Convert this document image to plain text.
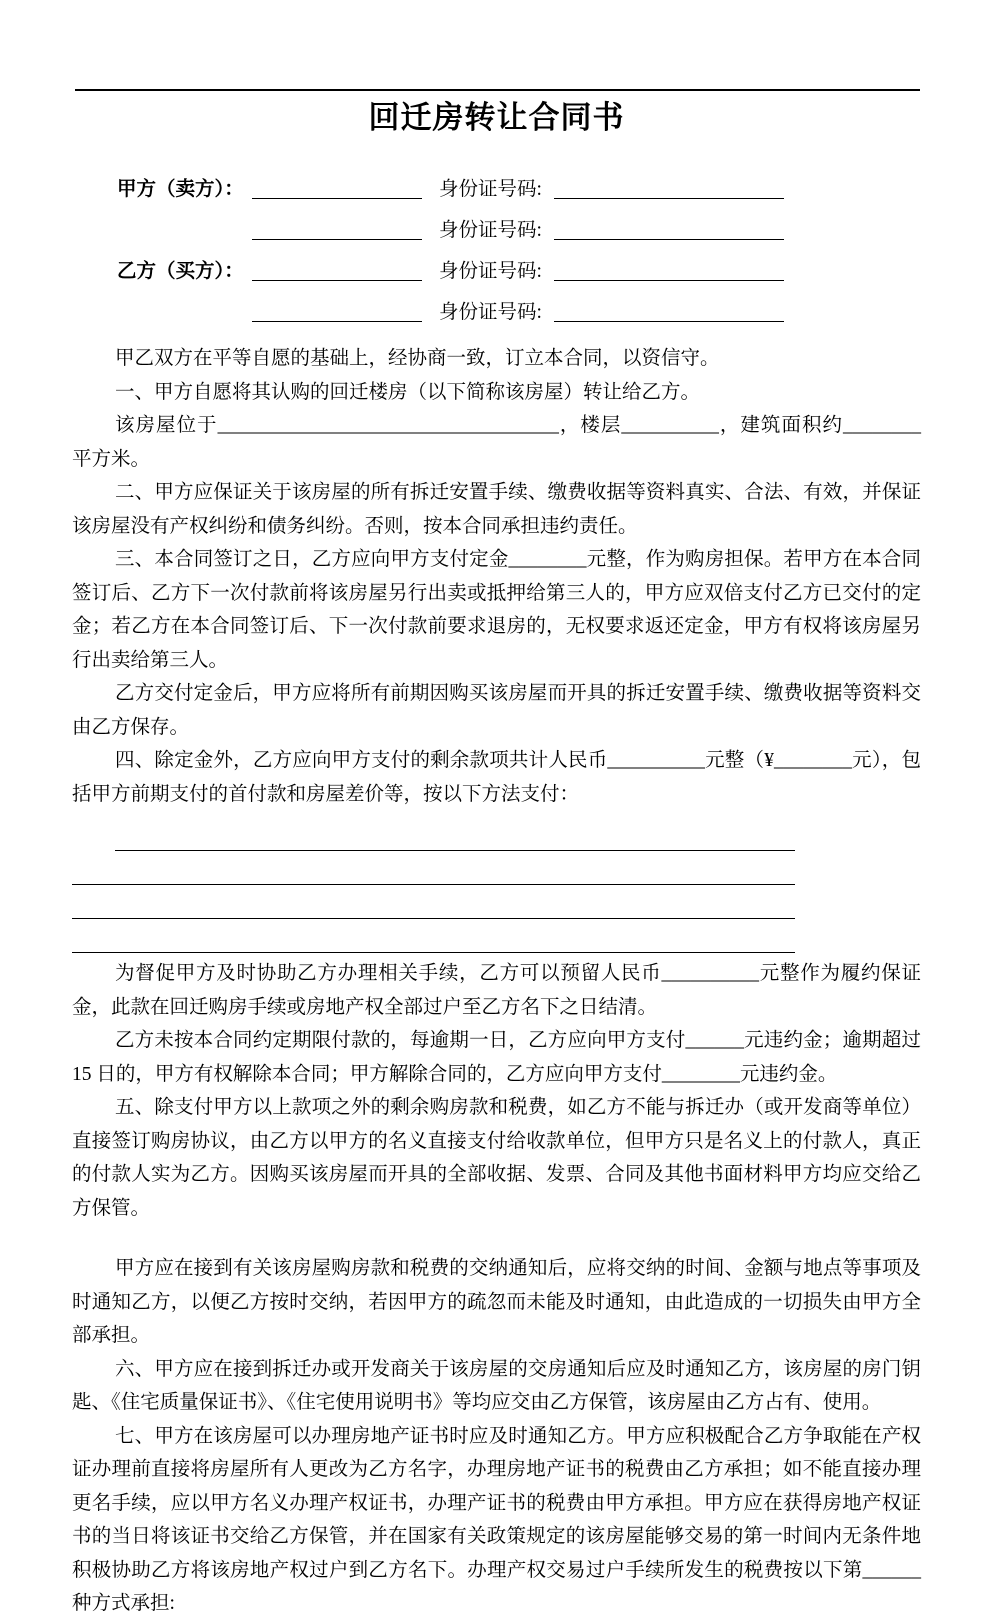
回迁房转让合同书
甲方（卖方）：	身份证号码:
身份证号码:
乙方（买方）：	身份证号码:
身份证号码:

甲乙双方在平等自愿的基础上，经协商一致，订立本合同，以资信守。

一、甲方自愿将其认购的回迁楼房（以下简称该房屋）转让给乙方。

该房屋位于___________________________________，楼层__________，建筑面积约________平方米。

二、甲方应保证关于该房屋的所有拆迁安置手续、缴费收据等资料真实、合法、有效，并保证该房屋没有产权纠纷和债务纠纷。否则，按本合同承担违约责任。

三、本合同签订之日，乙方应向甲方支付定金________元整，作为购房担保。若甲方在本合同签订后、乙方下一次付款前将该房屋另行出卖或抵押给第三人的，甲方应双倍支付乙方已交付的定金；若乙方在本合同签订后、下一次付款前要求退房的，无权要求返还定金，甲方有权将该房屋另行出卖给第三人。

乙方交付定金后，甲方应将所有前期因购买该房屋而开具的拆迁安置手续、缴费收据等资料交由乙方保存。

四、除定金外，乙方应向甲方支付的剩余款项共计人民币__________元整（¥________元），包括甲方前期支付的首付款和房屋差价等，按以下方法支付：

为督促甲方及时协助乙方办理相关手续，乙方可以预留人民币__________元整作为履约保证金，此款在回迁购房手续或房地产权全部过户至乙方名下之日结清。

乙方未按本合同约定期限付款的，每逾期一日，乙方应向甲方支付______元违约金；逾期超过 15 日的，甲方有权解除本合同；甲方解除合同的，乙方应向甲方支付________元违约金。

五、除支付甲方以上款项之外的剩余购房款和税费，如乙方不能与拆迁办（或开发商等单位）直接签订购房协议，由乙方以甲方的名义直接支付给收款单位，但甲方只是名义上的付款人，真正的付款人实为乙方。因购买该房屋而开具的全部收据、发票、合同及其他书面材料甲方均应交给乙方保管。

甲方应在接到有关该房屋购房款和税费的交纳通知后，应将交纳的时间、金额与地点等事项及时通知乙方，以便乙方按时交纳，若因甲方的疏忽而未能及时通知，由此造成的一切损失由甲方全部承担。

六、甲方应在接到拆迁办或开发商关于该房屋的交房通知后应及时通知乙方，该房屋的房门钥匙、《住宅质量保证书》、《住宅使用说明书》等均应交由乙方保管，该房屋由乙方占有、使用。

七、甲方在该房屋可以办理房地产证书时应及时通知乙方。甲方应积极配合乙方争取能在产权证办理前直接将房屋所有人更改为乙方名字，办理房地产证书的税费由乙方承担；如不能直接办理更名手续，应以甲方名义办理产权证书，办理产证书的税费由甲方承担。甲方应在获得房地产权证书的当日将该证书交给乙方保管，并在国家有关政策规定的该房屋能够交易的第一时间内无条件地积极协助乙方将该房地产权过户到乙方名下。办理产权交易过户手续所发生的税费按以下第______种方式承担:
